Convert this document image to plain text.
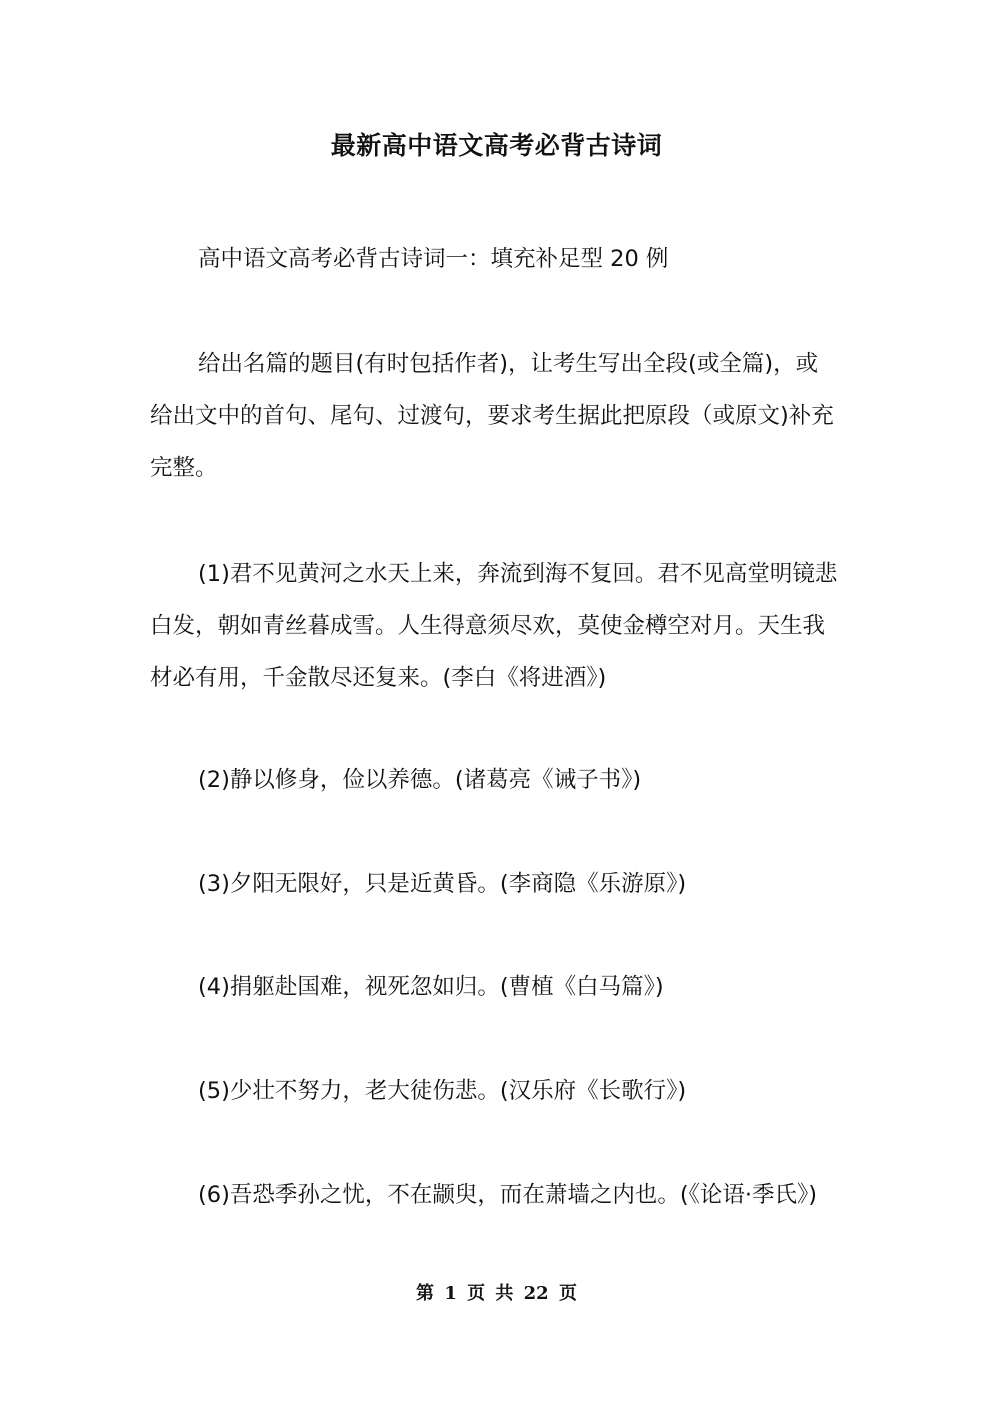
最新高中语文高考必背古诗词

高中语文高考必背古诗词一：填充补足型 20 例

给出名篇的题目(有时包括作者)，让考生写出全段(或全篇)，或给出文中的首句、尾句、过渡句，要求考生据此把原段（或原文)补充完整。

(1)君不见黄河之水天上来，奔流到海不复回。君不见高堂明镜悲白发，朝如青丝暮成雪。人生得意须尽欢，莫使金樽空对月。天生我材必有用，千金散尽还复来。(李白《将进酒》)

(2)静以修身，俭以养德。(诸葛亮《诫子书》)

(3)夕阳无限好，只是近黄昏。(李商隐《乐游原》)

(4)捐躯赴国难，视死忽如归。(曹植《白马篇》)

(5)少壮不努力，老大徒伤悲。(汉乐府《长歌行》)

(6)吾恐季孙之忧，不在颛臾，而在萧墙之内也。(《论语·季氏》)

第 1 页 共 22 页
